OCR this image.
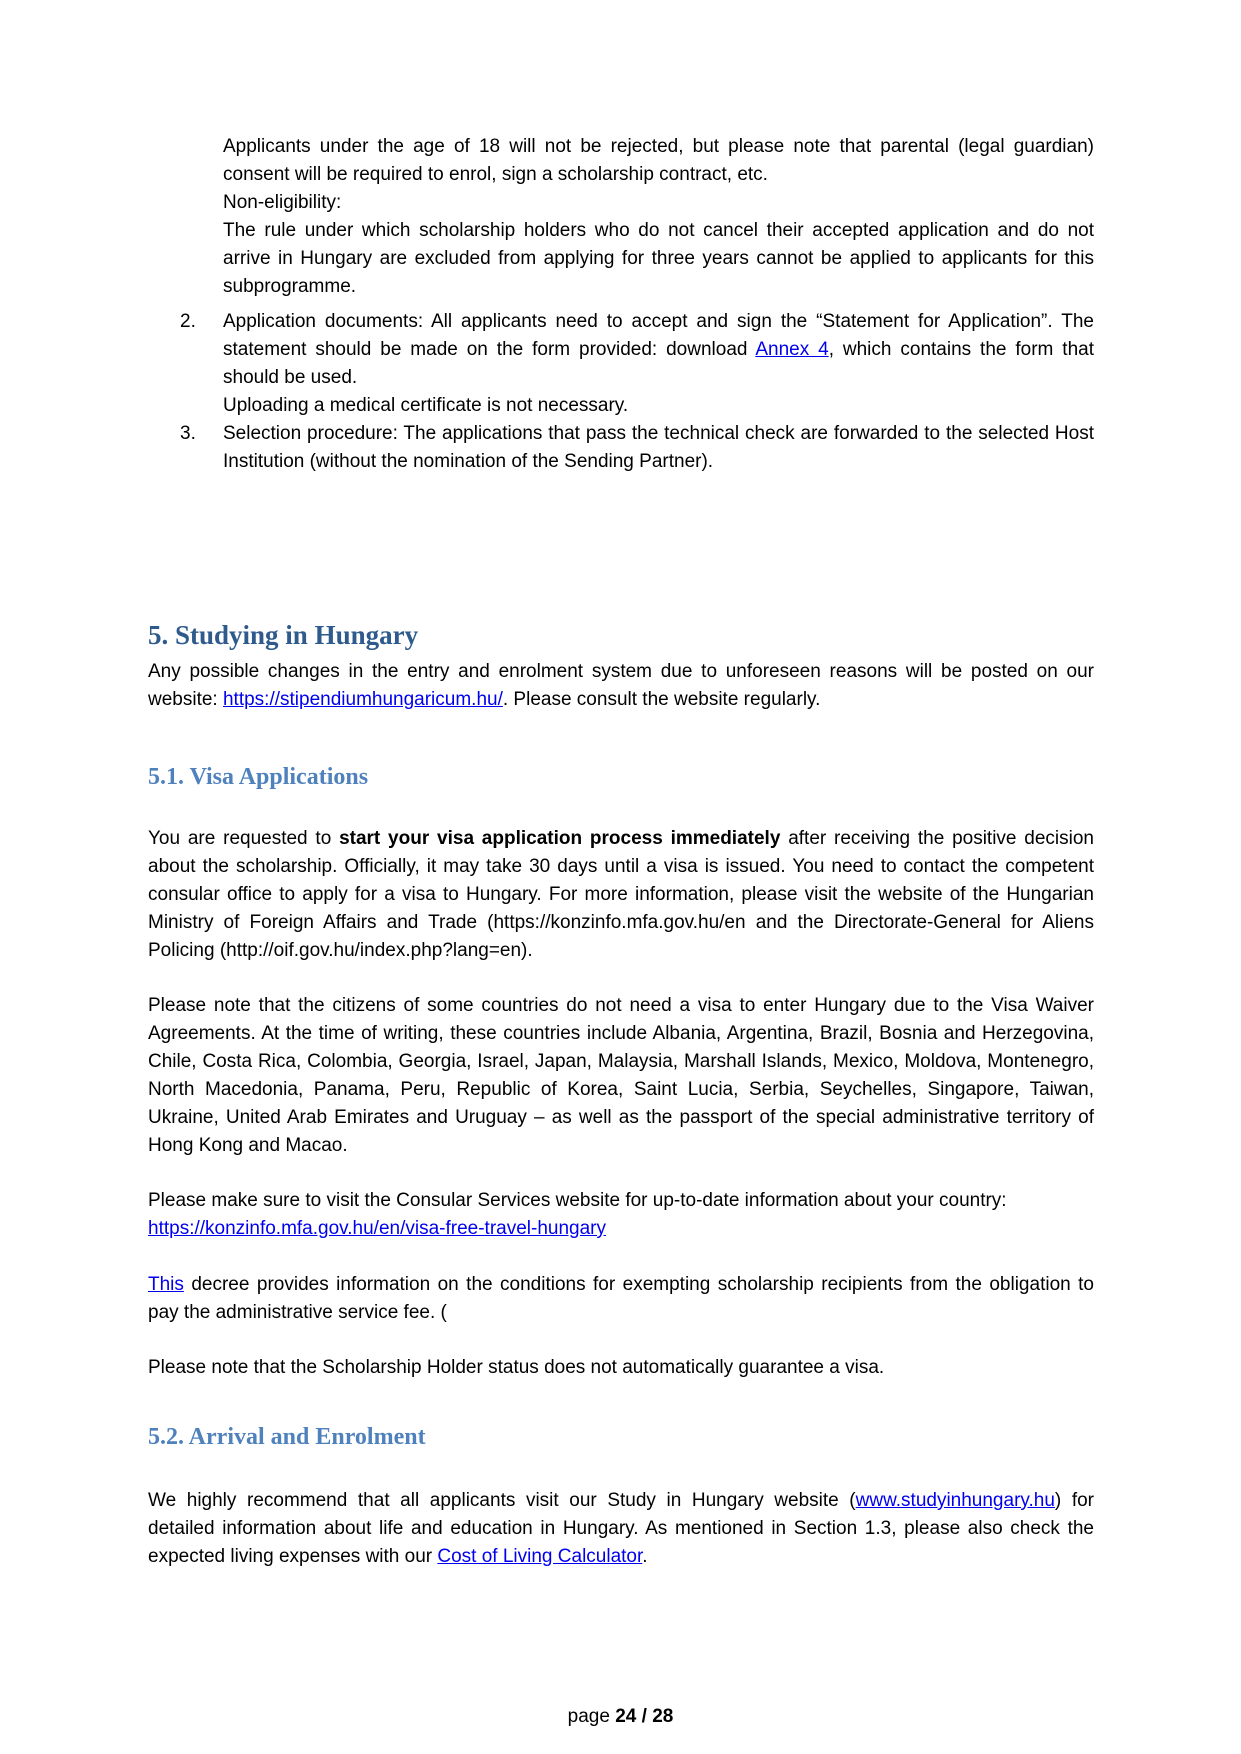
Applicants under the age of 18 will not be rejected, but please note that parental (legal guardian) consent will be required to enrol, sign a scholarship contract, etc.

Non-eligibility:

The rule under which scholarship holders who do not cancel their accepted application and do not arrive in Hungary are excluded from applying for three years cannot be applied to applicants for this subprogramme.

2.	Application documents: All applicants need to accept and sign the “Statement for Application”. The statement should be made on the form provided: download Annex 4, which contains the form that should be used.

Uploading a medical certificate is not necessary.

3.	Selection procedure: The applications that pass the technical check are forwarded to the selected Host Institution (without the nomination of the Sending Partner).

5. Studying in Hungary

Any possible changes in the entry and enrolment system due to unforeseen reasons will be posted on our website: https://stipendiumhungaricum.hu/. Please consult the website regularly.

5.1. Visa Applications

You are requested to start your visa application process immediately after receiving the positive decision about the scholarship. Officially, it may take 30 days until a visa is issued. You need to contact the competent consular office to apply for a visa to Hungary. For more information, please visit the website of the Hungarian Ministry of Foreign Affairs and Trade (https://konzinfo.mfa.gov.hu/en and the Directorate-General for Aliens Policing (http://oif.gov.hu/index.php?lang=en).

Please note that the citizens of some countries do not need a visa to enter Hungary due to the Visa Waiver Agreements. At the time of writing, these countries include Albania, Argentina, Brazil, Bosnia and Herzegovina, Chile, Costa Rica, Colombia, Georgia, Israel, Japan, Malaysia, Marshall Islands, Mexico, Moldova, Montenegro, North Macedonia, Panama, Peru, Republic of Korea, Saint Lucia, Serbia, Seychelles, Singapore, Taiwan, Ukraine, United Arab Emirates and Uruguay – as well as the passport of the special administrative territory of Hong Kong and Macao.

Please make sure to visit the Consular Services website for up-to-date information about your country:

https://konzinfo.mfa.gov.hu/en/visa-free-travel-hungary

This decree provides information on the conditions for exempting scholarship recipients from the obligation to pay the administrative service fee. (

Please note that the Scholarship Holder status does not automatically guarantee a visa.

5.2. Arrival and Enrolment

We highly recommend that all applicants visit our Study in Hungary website (www.studyinhungary.hu) for detailed information about life and education in Hungary. As mentioned in Section 1.3, please also check the expected living expenses with our Cost of Living Calculator.

page 24 / 28
